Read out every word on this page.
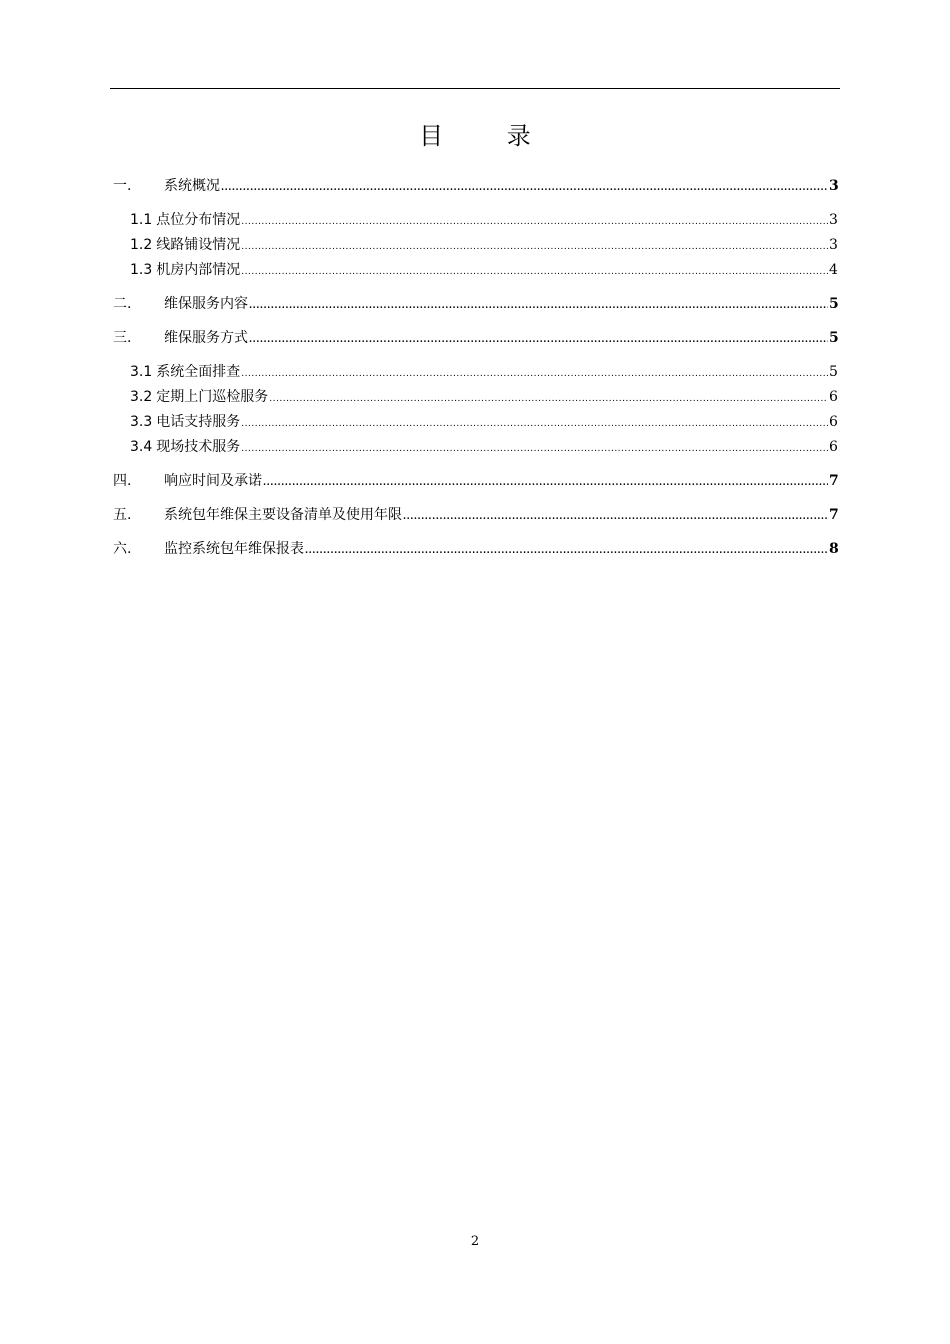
目 录
一.	系统概况 .....	3
1.1 点位分布情况 .....	3
1.2 线路铺设情况 .....	3
1.3 机房内部情况 .....	4
二.	维保服务内容 .....	5
三.	维保服务方式 .....	5
3.1 系统全面排查 .....	5
3.2 定期上门巡检服务 .....	6
3.3 电话支持服务 .....	6
3.4 现场技术服务 .....	6
四.	响应时间及承诺 .....	7
五.	系统包年维保主要设备清单及使用年限 .....	7
六.	监控系统包年维保报表 .....	8
2
